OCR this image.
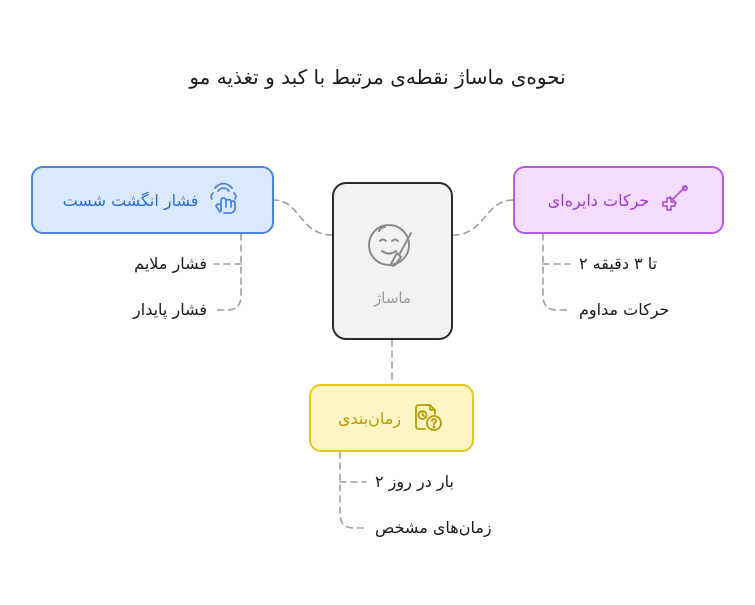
نحوه‌ی ماساژ نقطه‌ی مرتبط با کبد و تغذیه مو
فشار انگشت شست	حرکات دایره‌ای
زمان‌بندی
ماساژ
فشار ملایم
فشار پایدار
تا ۳ دقیقه ۲
حرکات مداوم
بار در روز ۲
زمان‌های مشخص
